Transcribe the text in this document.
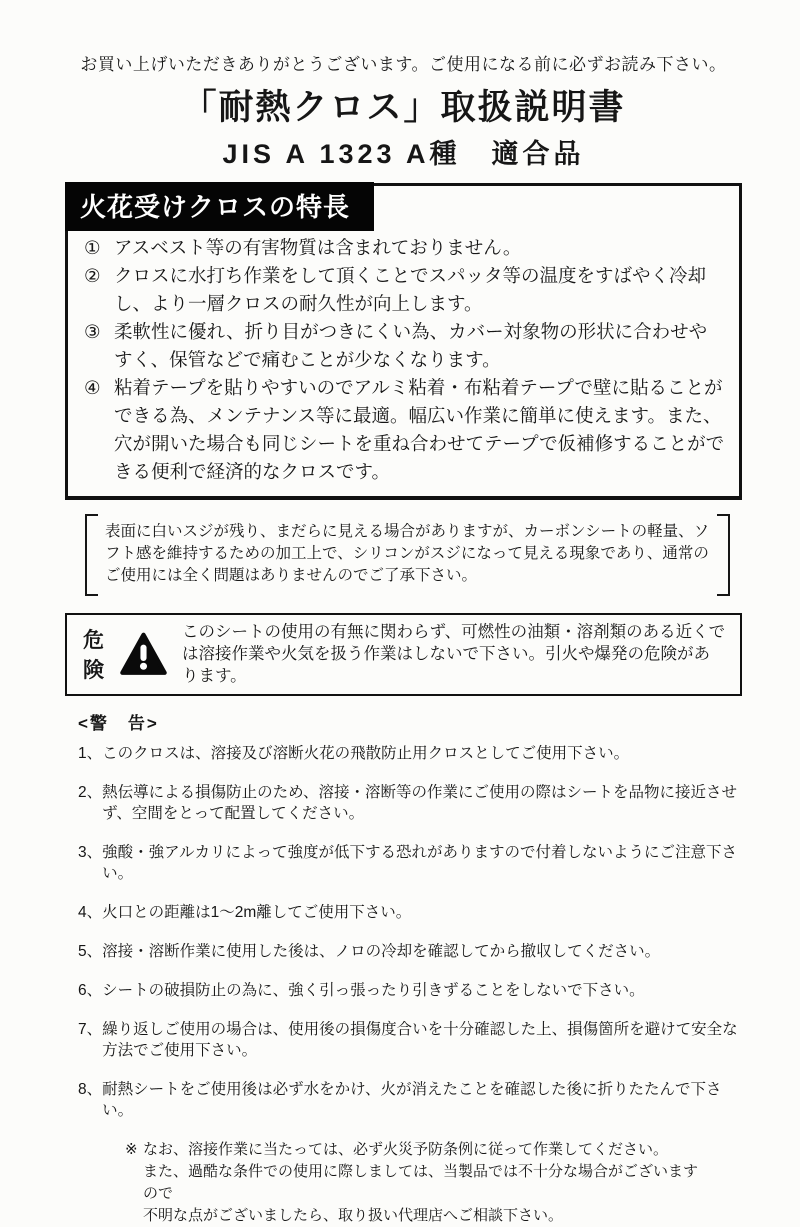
お買い上げいただきありがとうございます。ご使用になる前に必ずお読み下さい。

「耐熱クロス」取扱説明書
JIS A 1323 A種　適合品
火花受けクロスの特長
① アスベスト等の有害物質は含まれておりません。
② クロスに水打ち作業をして頂くことでスパッタ等の温度をすばやく冷却し、より一層クロスの耐久性が向上します。
③ 柔軟性に優れ、折り目がつきにくい為、カバー対象物の形状に合わせやすく、保管などで痛むことが少なくなります。
④ 粘着テープを貼りやすいのでアルミ粘着・布粘着テープで壁に貼ることができる為、メンテナンス等に最適。幅広い作業に簡単に使えます。また、穴が開いた場合も同じシートを重ね合わせてテープで仮補修することができる便利で経済的なクロスです。
表面に白いスジが残り、まだらに見える場合がありますが、カーボンシートの軽量、ソフト感を維持するための加工上で、シリコンがスジになって見える現象であり、通常のご使用には全く問題はありませんのでご了承下さい。
危険
このシートの使用の有無に関わらず、可燃性の油類・溶剤類のある近くでは溶接作業や火気を扱う作業はしないで下さい。引火や爆発の危険があります。
<警　告>
1、 このクロスは、溶接及び溶断火花の飛散防止用クロスとしてご使用下さい。
2、 熱伝導による損傷防止のため、溶接・溶断等の作業にご使用の際はシートを品物に接近させず、空間をとって配置してください。
3、 強酸・強アルカリによって強度が低下する恐れがありますので付着しないようにご注意下さい。
4、 火口との距離は1〜2m離してご使用下さい。
5、 溶接・溶断作業に使用した後は、ノロの冷却を確認してから撤収してください。
6、 シートの破損防止の為に、強く引っ張ったり引きずることをしないで下さい。
7、 繰り返しご使用の場合は、使用後の損傷度合いを十分確認した上、損傷箇所を避けて安全な方法でご使用下さい。
8、 耐熱シートをご使用後は必ず水をかけ、火が消えたことを確認した後に折りたたんで下さい。
※ なお、溶接作業に当たっては、必ず火災予防条例に従って作業してください。
また、過酷な条件での使用に際しましては、当製品では不十分な場合がございますので
不明な点がございましたら、取り扱い代理店へご相談下さい。
